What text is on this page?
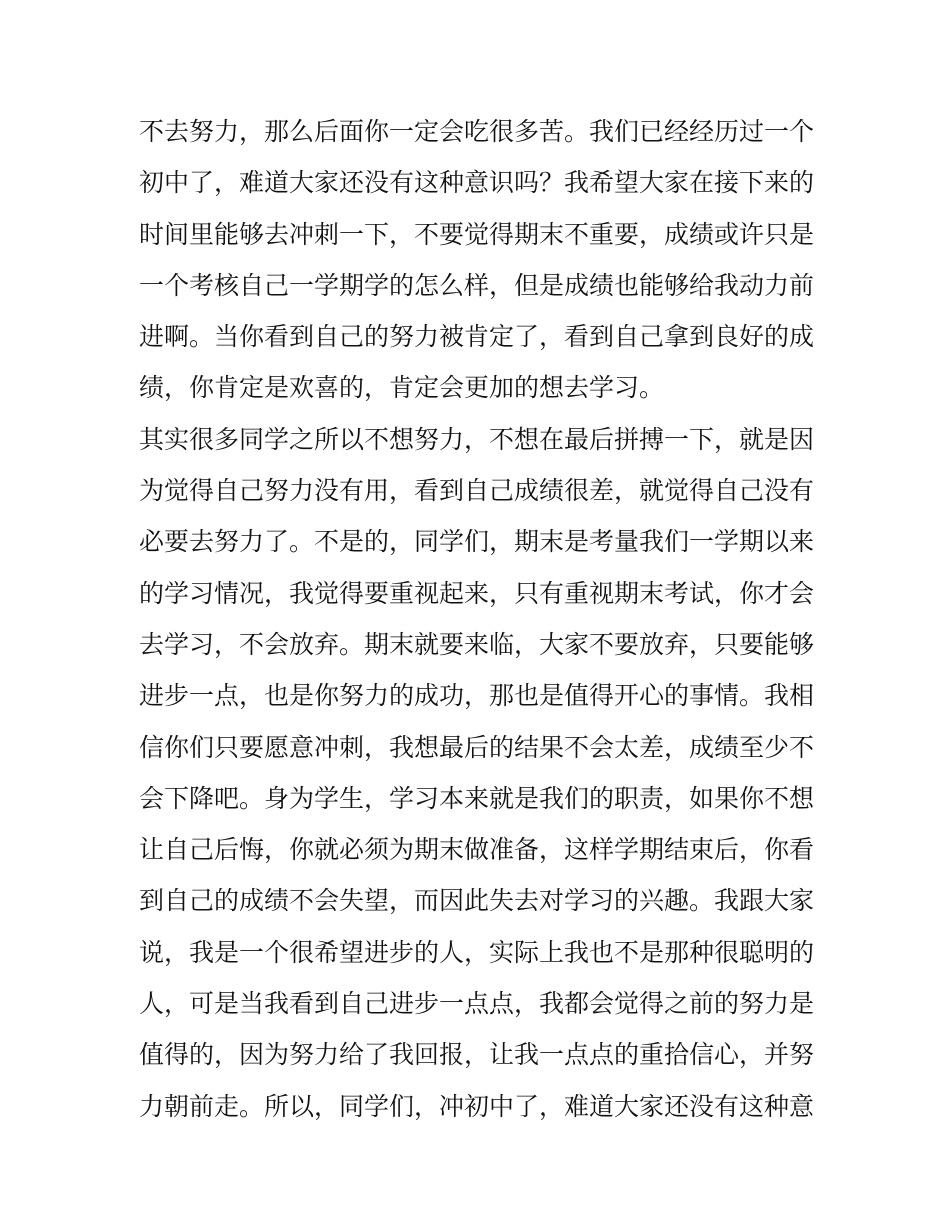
不去努力，那么后面你一定会吃很多苦。我们已经经历过一个
初中了，难道大家还没有这种意识吗？我希望大家在接下来的
时间里能够去冲刺一下，不要觉得期末不重要，成绩或许只是
一个考核自己一学期学的怎么样，但是成绩也能够给我动力前
进啊。当你看到自己的努力被肯定了，看到自己拿到良好的成
绩，你肯定是欢喜的，肯定会更加的想去学习。
其实很多同学之所以不想努力，不想在最后拼搏一下，就是因
为觉得自己努力没有用，看到自己成绩很差，就觉得自己没有
必要去努力了。不是的，同学们，期末是考量我们一学期以来
的学习情况，我觉得要重视起来，只有重视期末考试，你才会
去学习，不会放弃。期末就要来临，大家不要放弃，只要能够
进步一点，也是你努力的成功，那也是值得开心的事情。我相
信你们只要愿意冲刺，我想最后的结果不会太差，成绩至少不
会下降吧。身为学生，学习本来就是我们的职责，如果你不想
让自己后悔，你就必须为期末做准备，这样学期结束后，你看
到自己的成绩不会失望，而因此失去对学习的兴趣。我跟大家
说，我是一个很希望进步的人，实际上我也不是那种很聪明的
人，可是当我看到自己进步一点点，我都会觉得之前的努力是
值得的，因为努力给了我回报，让我一点点的重拾信心，并努
力朝前走。所以，同学们，冲初中了，难道大家还没有这种意
